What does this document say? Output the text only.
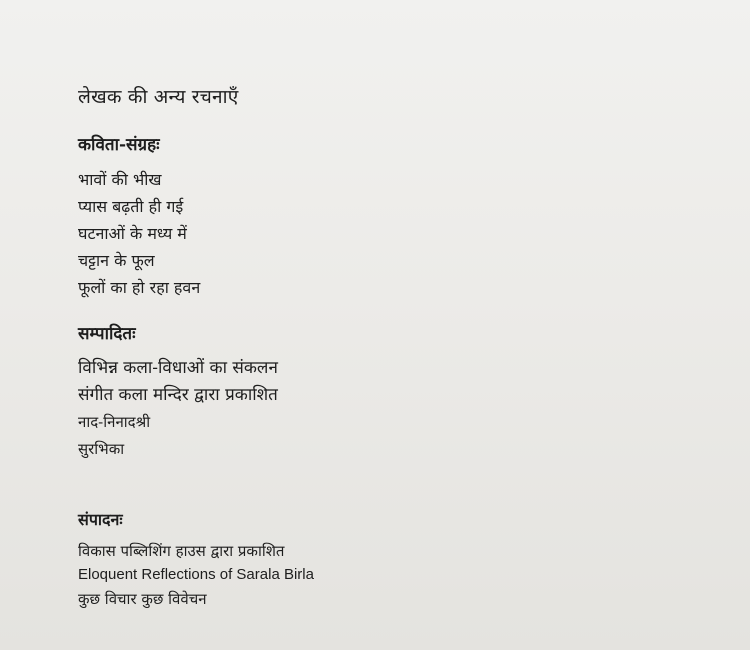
लेखक की अन्य रचनाएँ
कविता-संग्रहः
भावों की भीख
प्यास बढ़ती ही गई
घटनाओं के मध्य में
चट्टान के फूल
फूलों का हो रहा हवन
सम्पादितः
विभिन्न कला-विधाओं का संकलन
संगीत कला मन्दिर द्वारा प्रकाशित
नाद-निनादश्री
सुरभिका
संपादनः
विकास पब्लिशिंग हाउस द्वारा प्रकाशित
Eloquent Reflections of Sarala Birla
कुछ विचार कुछ विवेचन
